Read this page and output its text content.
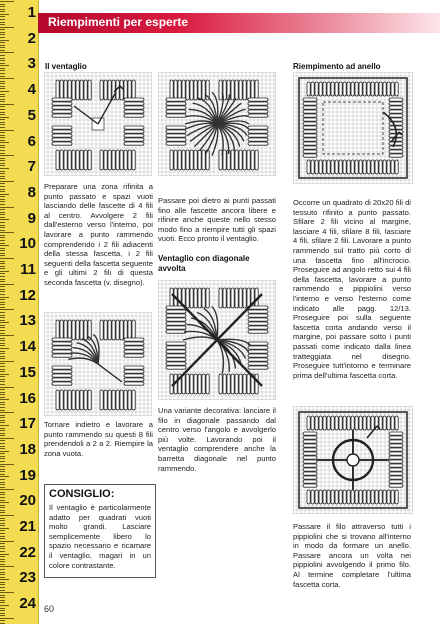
1
2
3
4
5
6
7
8
9
10
11
12
13
14
15
16
17
18
19
20
21
22
23
24
Riempimenti per esperte
Il ventaglio
Preparare una zona rifinita a punto passato e spazi vuoti lasciando delle fascette di 4 fili al centro. Avvolgere 2 fili dall'esterno verso l'interno, poi lavorare a punto rammendo comprendendo i 2 fili adiacenti della stessa fascetta, i 2 fili seguenti della fascetta seguente e gli ultimi 2 fili di questa seconda fascetta (v. disegno).
Tornare indietro e lavorare a punto rammendo su questi 8 fili prendendoli a 2 a 2. Riempire la zona vuota.
CONSIGLIO:
Il ventaglio è particolarmente adatto per quadrati vuoti molto grandi. Lasciare semplicemente libero lo spazio necessario e ricamare il ventaglio, magari in un colore contrastante.
Passare poi dietro ai punti passati fino alle fascette ancora libere e rifinire anche queste nello stesso modo fino a riempire tutti gli spazi vuoti. Ecco pronto il ventaglio.
Ventaglio con diagonale avvolta
Una variante decorativa: lanciare il filo in diagonale passando dal centro verso l'angolo e avvolgerlo più volte. Lavorando poi il ventaglio comprendere anche la barretta diagonale nel punto rammendo.
Riempimento ad anello
Occorre un quadrato di 20x20 fili di tessuto rifinito a punto passato. Sfilare 2 fili vicino al margine, lasciare 4 fili, sfilare 8 fili, lasciare 4 fili, sfilare 2 fili. Lavorare a punto rammendo sul tratto più corto di una fascetta fino all'incrocio. Proseguire ad angolo retto sui 4 fili della fascetta, lavorare a punto rammendo e pippiolini verso l'interno e verso l'esterno come indicato alle pagg. 12/13. Proseguire poi sulla seguente fascetta corta andando verso il margine, poi passare sotto i punti passati come indicato dalla linea tratteggiata nel disegno. Proseguire tutt'intorno e terminare prima dell'ultima fascetta corta.
Passare il filo attraverso tutti i pippiolini che si trovano all'interno in modo da formare un anello. Passare ancora un volta nei pippiolini avvolgendo il primo filo. Al termine completare l'ultima fascetta corta.
60
